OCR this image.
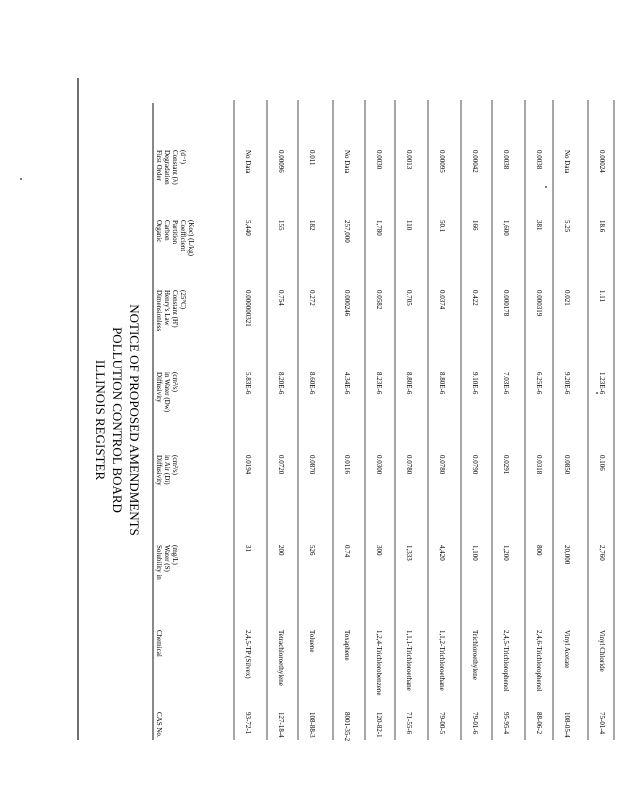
ILLINOIS REGISTER POLLUTION CONTROL BOARD NOTICE OF PROPOSED AMENDMENTS
CAS No.
Chemical
Solubility in Water (S) (mg/L)
Diffusivity in Air (Di) (cm²/s)
Diffusivity in Water (Dw) (cm²/s)
Dimensionless Henry's Law Constant (H') (25°C)
Organic Carbon Partition Coefficient (Koc) (L/kg)
First Order Degradation Constant (λ) (d⁻¹)
93-72-1
2,4,5-TP (Silvex)
31
0.0194
5.83E-6
0.000000321
5,440
No Data
127-18-4
Tetrachloroethylene
200
0.0720
8.20E-6
0.754
155
0.00096
108-88-3
Toluene
526
0.0870
8.60E-6
0.272
182
0.011
8001-35-2
Toxaphene
0.74
0.0116
4.34E-6
0.000246
257,000
No Data
120-82-1
1,2,4-Trichlorobenzene
300
0.0300
8.23E-6
0.0582
1,780
0.0030
71-55-6
1,1,1-Trichloroethane
1,333
0.0780
8.80E-6
0.705
110
0.0013
79-00-5
1,1,2-Trichloroethane
4,420
0.0780
8.80E-6
0.0374
50.1
0.00095
79-01-6
Trichloroethylene
1,100
0.0790
9.10E-6
0.422
166
0.00042
95-95-4
2,4,5-Trichlorophenol
1,200
0.0291
7.03E-6
0.000178
1,600
0.0038
88-06-2
2,4,6-Trichlorophenol
800
0.0318
6.25E-6
0.000319
381
0.0038
108-05-4
Vinyl Acetate
20,000
0.0850
9.20E-6
0.021
5.25
No Data
75-01-4
Vinyl Chloride
2,760
0.106
1.23E-6
1.11
18.6
0.00024
